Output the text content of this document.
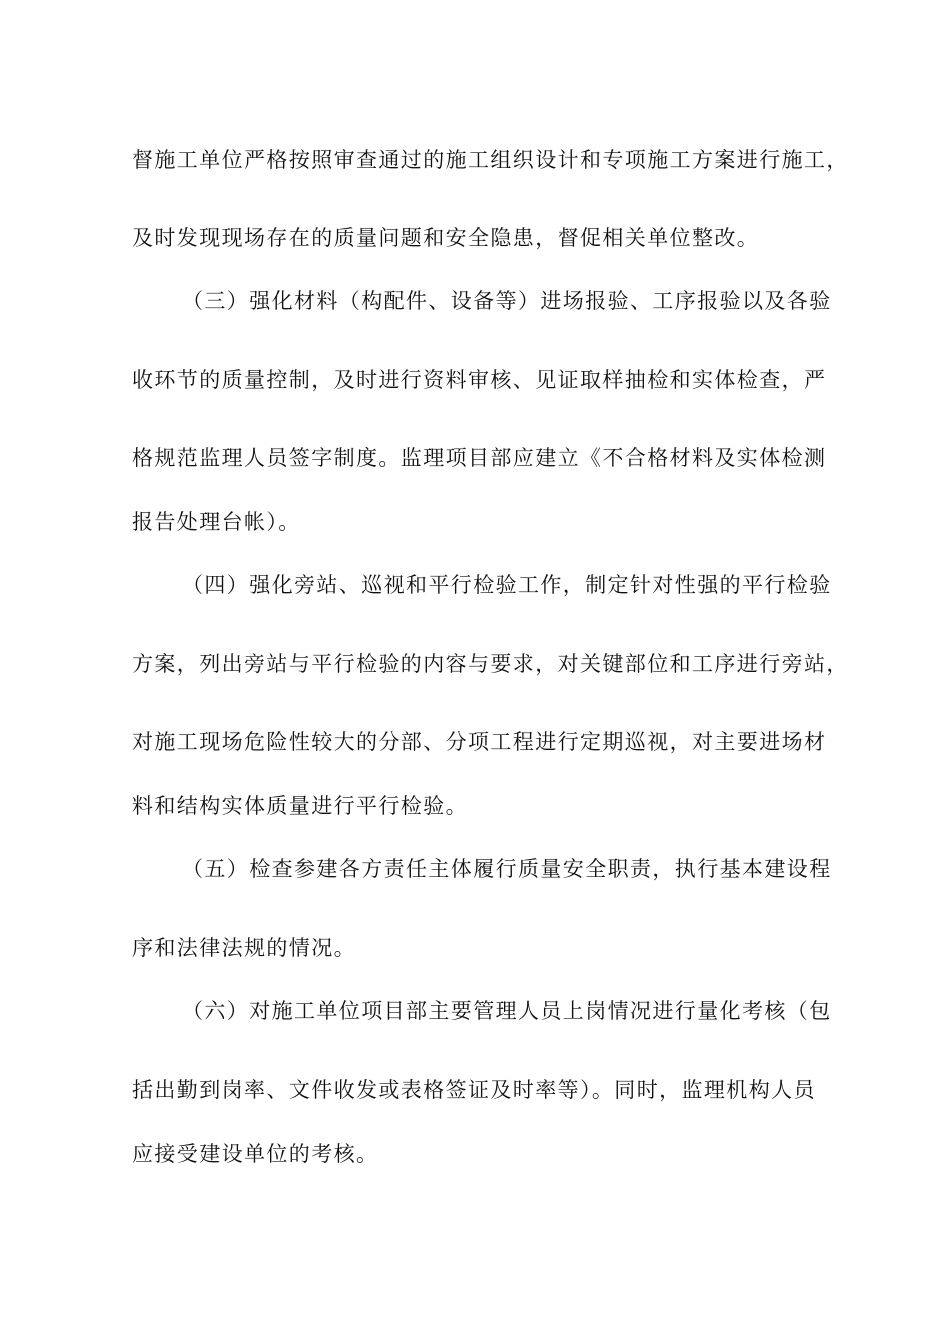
督施工单位严格按照审查通过的施工组织设计和专项施工方案进行施工，
及时发现现场存在的质量问题和安全隐患，督促相关单位整改。
（三）强化材料（构配件、设备等）进场报验、工序报验以及各验
收环节的质量控制，及时进行资料审核、见证取样抽检和实体检查，严
格规范监理人员签字制度。监理项目部应建立《不合格材料及实体检测
报告处理台帐）。
（四）强化旁站、巡视和平行检验工作，制定针对性强的平行检验
方案，列出旁站与平行检验的内容与要求，对关键部位和工序进行旁站，
对施工现场危险性较大的分部、分项工程进行定期巡视，对主要进场材
料和结构实体质量进行平行检验。
（五）检查参建各方责任主体履行质量安全职责，执行基本建设程
序和法律法规的情况。
（六）对施工单位项目部主要管理人员上岗情况进行量化考核（包
括出勤到岗率、文件收发或表格签证及时率等）。同时，监理机构人员
应接受建设单位的考核。
